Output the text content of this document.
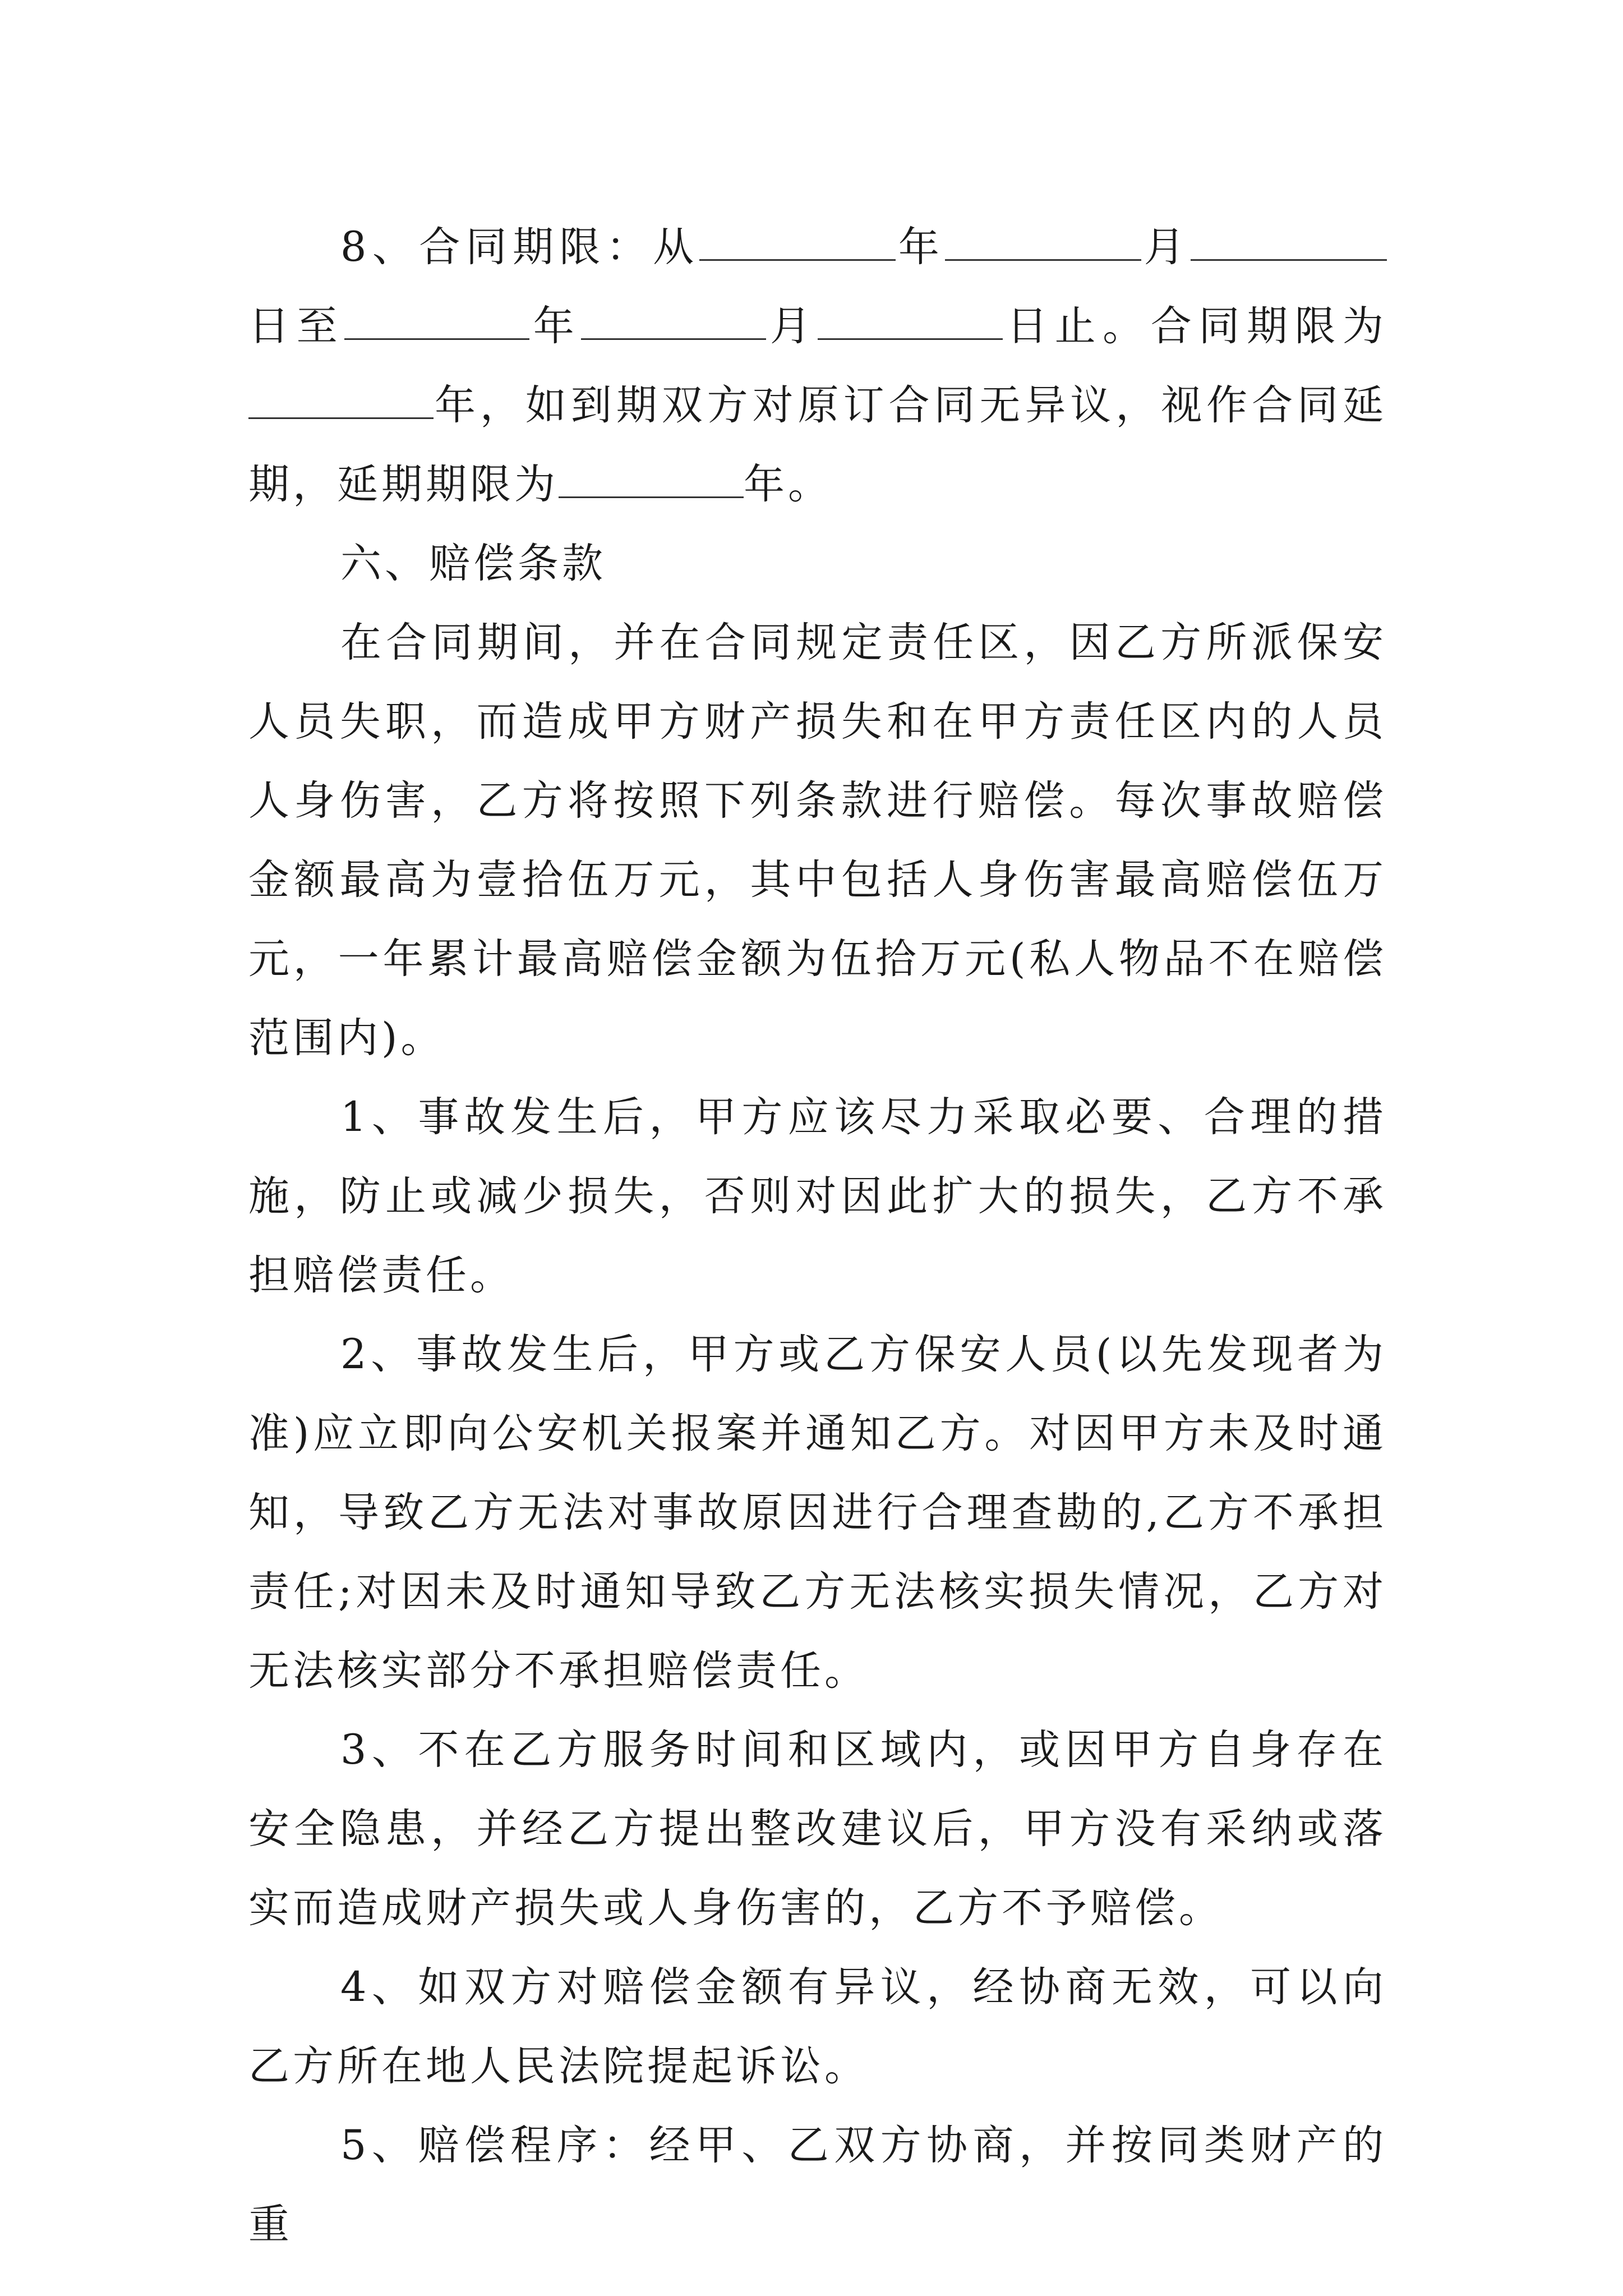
8、合同期限：从	年	月日至	年	月	日止。合同期限为年，如到期双方对原订合同无异议，视作合同延期，延期期限为	年。

六、赔偿条款

在合同期间，并在合同规定责任区，因乙方所派保安人员失职，而造成甲方财产损失和在甲方责任区内的人员人身伤害，乙方将按照下列条款进行赔偿。每次事故赔偿金额最高为壹拾伍万元，其中包括人身伤害最高赔偿伍万元，一年累计最高赔偿金额为伍拾万元(私人物品不在赔偿范围内)。

1、事故发生后，甲方应该尽力采取必要、合理的措施，防止或减少损失，否则对因此扩大的损失，乙方不承担赔偿责任。

2、事故发生后，甲方或乙方保安人员(以先发现者为准)应立即向公安机关报案并通知乙方。对因甲方未及时通知，导致乙方无法对事故原因进行合理查勘的,乙方不承担责任;对因未及时通知导致乙方无法核实损失情况，乙方对无法核实部分不承担赔偿责任。

3、不在乙方服务时间和区域内，或因甲方自身存在安全隐患，并经乙方提出整改建议后，甲方没有采纳或落实而造成财产损失或人身伤害的，乙方不予赔偿。

4、如双方对赔偿金额有异议，经协商无效，可以向乙方所在地人民法院提起诉讼。

5、赔偿程序：经甲、乙双方协商，并按同类财产的重
